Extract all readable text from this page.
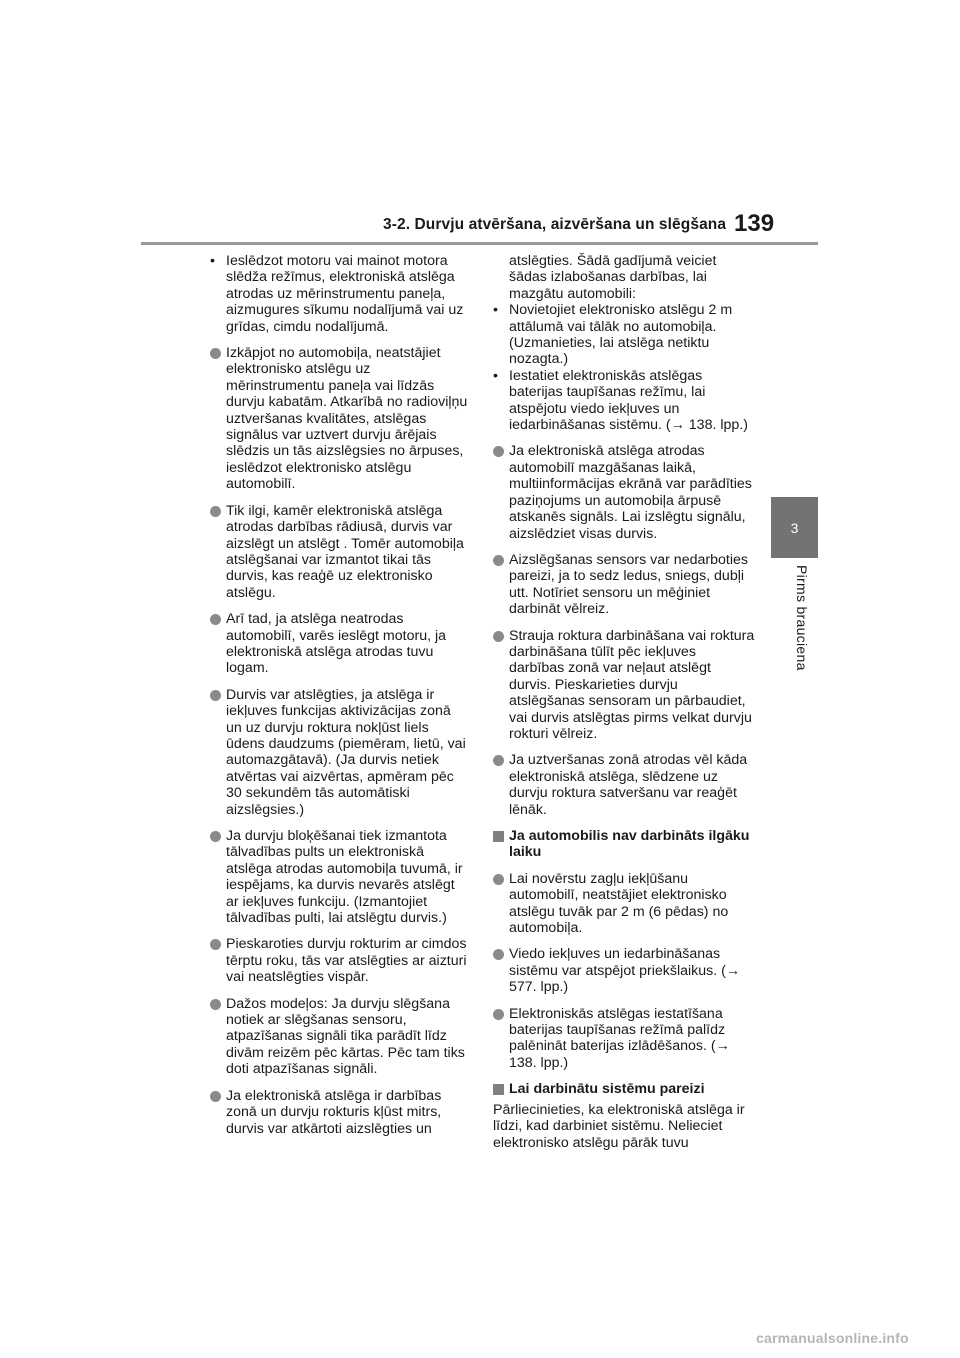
3-2. Durvju atvēršana, aizvēršana un slēgšana 139
3
Pirms brauciena
• Ieslēdzot motoru vai mainot motora slēdža režīmus, elektroniskā atslēga atrodas uz mērinstrumentu paneļa, aizmugures sīkumu nodalījumā vai uz grīdas, cimdu nodalījumā.
Izkāpjot no automobiļa, neatstājiet elektronisko atslēgu uz mērinstrumentu paneļa vai līdzās durvju kabatām. Atkarībā no radioviļņu uztveršanas kvalitātes, atslēgas signālus var uztvert durvju ārējais slēdzis un tās aizslēgsies no ārpuses, ieslēdzot elektronisko atslēgu automobilī.
Tik ilgi, kamēr elektroniskā atslēga atrodas darbības rādiusā, durvis var aizslēgt un atslēgt . Tomēr automobiļa atslēgšanai var izmantot tikai tās durvis, kas reaģē uz elektronisko atslēgu.
Arī tad, ja atslēga neatrodas automobilī, varēs ieslēgt motoru, ja elektroniskā atslēga atrodas tuvu logam.
Durvis var atslēgties, ja atslēga ir iekļuves funkcijas aktivizācijas zonā un uz durvju roktura nokļūst liels ūdens daudzums (piemēram, lietū, vai automazgātavā). (Ja durvis netiek atvērtas vai aizvērtas, apmēram pēc 30 sekundēm tās automātiski aizslēgsies.)
Ja durvju bloķēšanai tiek izmantota tālvadības pults un elektroniskā atslēga atrodas automobiļa tuvumā, ir iespējams, ka durvis nevarēs atslēgt ar iekļuves funkciju. (Izmantojiet tālvadības pulti, lai atslēgtu durvis.)
Pieskaroties durvju rokturim ar cimdos tērptu roku, tās var atslēgties ar aizturi vai neatslēgties vispār.
Dažos modeļos: Ja durvju slēgšana notiek ar slēgšanas sensoru, atpazīšanas signāli tika parādīt līdz divām reizēm pēc kārtas. Pēc tam tiks doti atpazīšanas signāli.
Ja elektroniskā atslēga ir darbības zonā un durvju rokturis kļūst mitrs, durvis var atkārtoti aizslēgties un
atslēgties. Šādā gadījumā veiciet šādas izlabošanas darbības, lai mazgātu automobili:
• Novietojiet elektronisko atslēgu 2 m attālumā vai tālāk no automobiļa. (Uzmanieties, lai atslēga netiktu nozagta.)
• Iestatiet elektroniskās atslēgas baterijas taupīšanas režīmu, lai atspējotu viedo iekļuves un iedarbināšanas sistēmu. (→ 138. lpp.)
Ja elektroniskā atslēga atrodas automobilī mazgāšanas laikā, multiinformācijas ekrānā var parādīties paziņojums un automobiļa ārpusē atskanēs signāls. Lai izslēgtu signālu, aizslēdziet visas durvis.
Aizslēgšanas sensors var nedarboties pareizi, ja to sedz ledus, sniegs, dubļi utt. Notīriet sensoru un mēģiniet darbināt vēlreiz.
Strauja roktura darbināšana vai roktura darbināšana tūlīt pēc iekļuves darbības zonā var neļaut atslēgt durvis. Pieskarieties durvju atslēgšanas sensoram un pārbaudiet, vai durvis atslēgtas pirms velkat durvju rokturi vēlreiz.
Ja uztveršanas zonā atrodas vēl kāda elektroniskā atslēga, slēdzene uz durvju roktura satveršanu var reaģēt lēnāk.
Ja automobilis nav darbināts ilgāku laiku
Lai novērstu zagļu iekļūšanu automobilī, neatstājiet elektronisko atslēgu tuvāk par 2 m (6 pēdas) no automobiļa.
Viedo iekļuves un iedarbināšanas sistēmu var atspējot priekšlaikus. (→ 577. lpp.)
Elektroniskās atslēgas iestatīšana baterijas taupīšanas režīmā palīdz palēnināt baterijas izlādēšanos. (→ 138. lpp.)
Lai darbinātu sistēmu pareizi
Pārliecinieties, ka elektroniskā atslēga ir līdzi, kad darbiniet sistēmu. Nelieciet elektronisko atslēgu pārāk tuvu
carmanualsonline.info
